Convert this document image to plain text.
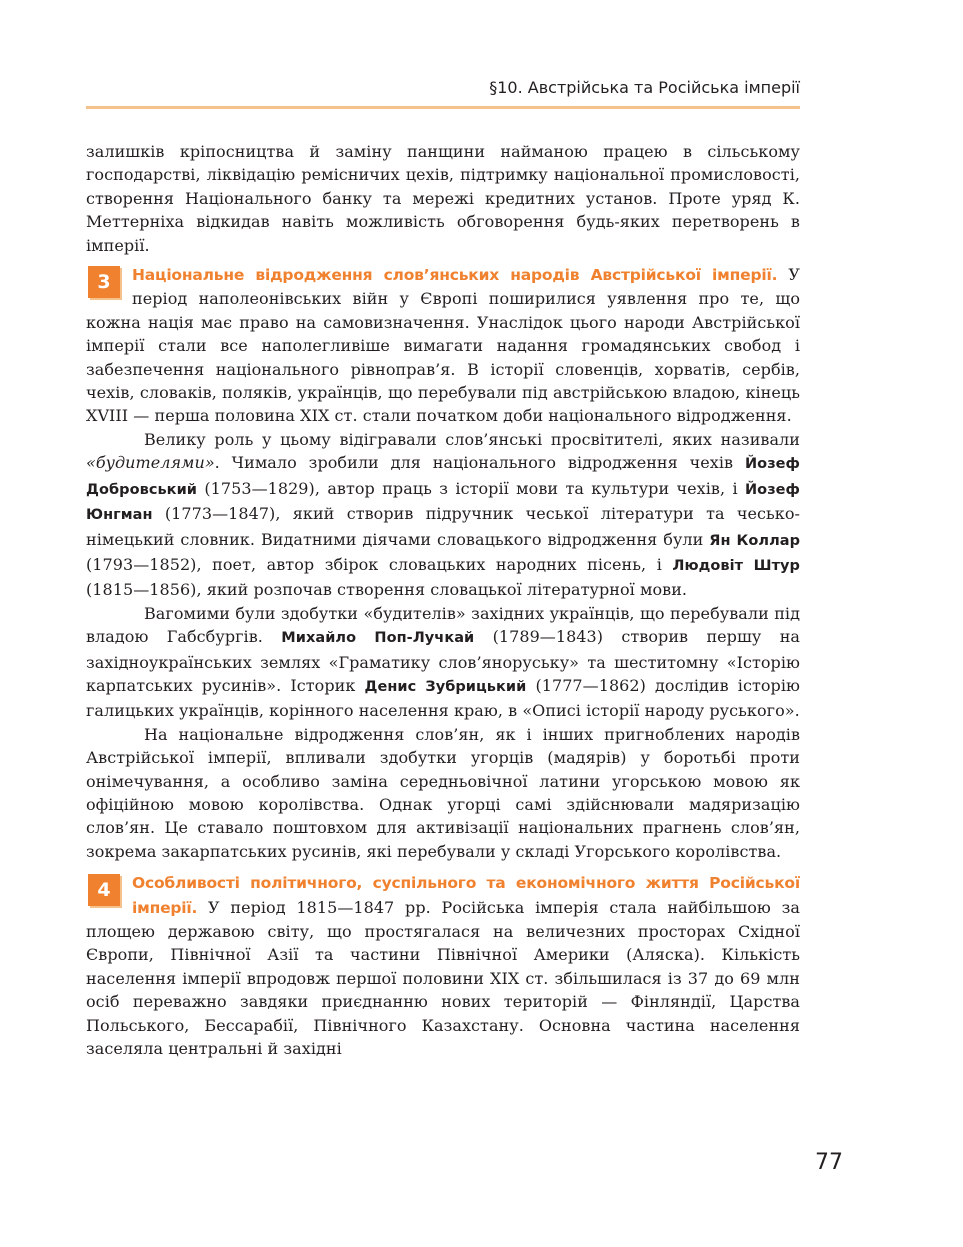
§10. Австрійська та Російська імперії

залишків кріпосництва й заміну панщини найманою працею в сільському господарстві, ліквідацію ремісничих цехів, підтримку національної промисловості, створення Національного банку та мережі кредитних установ. Проте уряд К. Меттерніха відкидав навіть можливість обговорення будь-яких перетворень в імперії.

3	Національне відродження слов’янських народів Австрійської імперії. У період наполеонівських війн у Європі поширилися уявлення про те, що кожна нація має право на самовизначення. Унаслідок цього народи Австрійської імперії стали все наполегливіше вимагати надання громадянських свобод і забезпечення національного рівноправ’я. В історії словенців, хорватів, сербів, чехів, словаків, поляків, українців, що перебували під австрійською владою, кінець XVIII — перша половина XIX ст. стали початком доби національного відродження.

Велику роль у цьому відігравали слов’янські просвітителі, яких називали «будителями». Чимало зробили для національного відродження чехів Йозеф Добровський (1753—1829), автор праць з історії мови та культури чехів, і Йозеф Юнгман (1773—1847), який створив підручник чеської літератури та чесько-німецький словник. Видатними діячами словацького відродження були Ян Коллар (1793—1852), поет, автор збірок словацьких народних пісень, і Людовіт Штур (1815—1856), який розпочав створення словацької літературної мови.

Вагомими були здобутки «будителів» західних українців, що перебували під владою Габсбургів. Михайло Поп-Лучкай (1789—1843) створив першу на західноукраїнських землях «Граматику слов’яноруську» та шеститомну «Історію карпатських русинів». Історик Денис Зубрицький (1777—1862) дослідив історію галицьких українців, корінного населення краю, в «Описі історії народу руського».

На національне відродження слов’ян, як і інших пригноблених народів Австрійської імперії, впливали здобутки угорців (мадярів) у боротьбі проти онімечування, а особливо заміна середньовічної латини угорською мовою як офіційною мовою королівства. Однак угорці самі здійснювали мадяризацію слов’ян. Це ставало поштовхом для активізації національних прагнень слов’ян, зокрема закарпатських русинів, які перебували у складі Угорського королівства.

4	Особливості політичного, суспільного та економічного життя Російської імперії. У період 1815—1847 рр. Російська імперія стала найбільшою за площею державою світу, що простягалася на величезних просторах Східної Європи, Північної Азії та частини Північної Америки (Аляска). Кількість населення імперії впродовж першої половини XIX ст. збільшилася із 37 до 69 млн осіб переважно завдяки приєднанню нових територій — Фінляндії, Царства Польського, Бессарабії, Північного Казахстану. Основна частина населення заселяла центральні й західні

77
